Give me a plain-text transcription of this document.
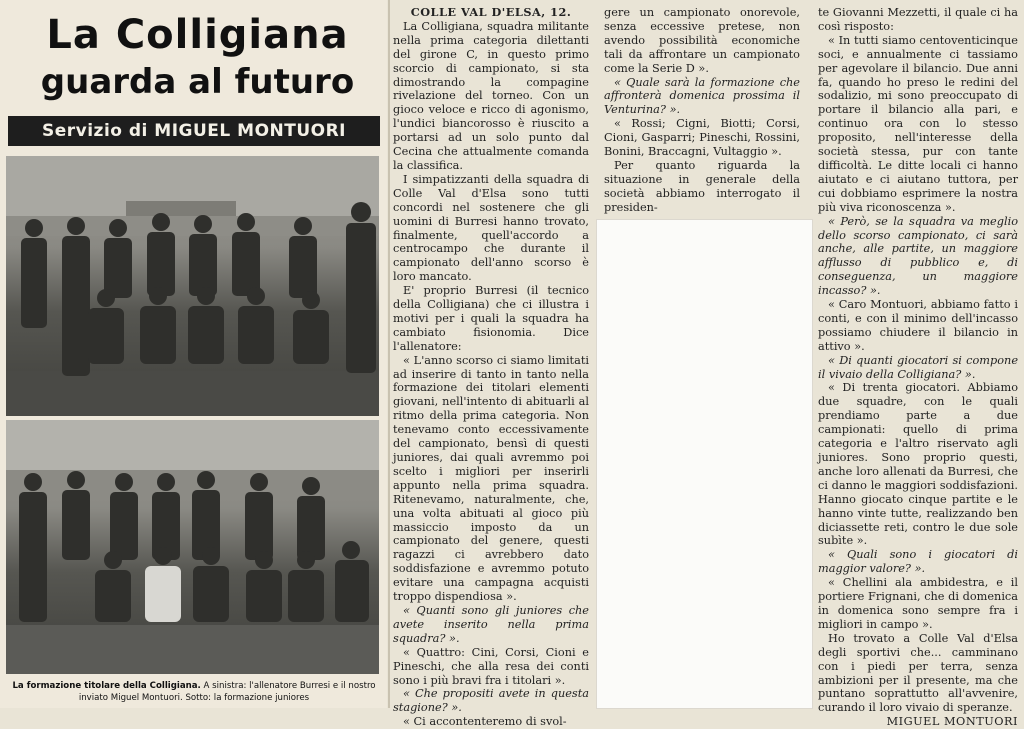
La Colligiana
guarda al futuro
Servizio di MIGUEL MONTUORI
La formazione titolare della Colligiana. A sinistra: l'allenatore Burresi e il nostro inviato Miguel Montuori. Sotto: la formazione juniores

COLLE VAL D'ELSA, 12.

La Colligiana, squadra militante nella prima categoria dilettanti del girone C, in questo primo scorcio di campionato, si sta dimostrando la compagine rivelazione del torneo. Con un gioco veloce e ricco di agonismo, l'undici biancorosso è riuscito a portarsi ad un solo punto dal Cecina che attualmente comanda la classifica.

I simpatizzanti della squadra di Colle Val d'Elsa sono tutti concordi nel sostenere che gli uomini di Burresi hanno trovato, finalmente, quell'accordo a centrocampo che durante il campionato dell'anno scorso è loro mancato.

E' proprio Burresi (il tecnico della Colligiana) che ci illustra i motivi per i quali la squadra ha cambiato fisionomia. Dice l'allenatore:

« L'anno scorso ci siamo limitati ad inserire di tanto in tanto nella formazione dei titolari elementi giovani, nell'intento di abituarli al ritmo della prima categoria. Non tenevamo conto eccessivamente del campionato, bensì di questi juniores, dai quali avremmo poi scelto i migliori per inserirli appunto nella prima squadra. Ritenevamo, naturalmente, che, una volta abituati al gioco più massiccio imposto da un campionato del genere, questi ragazzi ci avrebbero dato soddisfazione e avremmo potuto evitare una campagna acquisti troppo dispendiosa ».

« Quanti sono gli juniores che avete inserito nella prima squadra? ».

« Quattro: Cini, Corsi, Cioni e Pineschi, che alla resa dei conti sono i più bravi fra i titolari ».

« Che propositi avete in questa stagione? ».

« Ci accontenteremo di svol-

gere un campionato onorevole, senza eccessive pretese, non avendo possibilità economiche tali da affrontare un campionato come la Serie D ».

« Quale sarà la formazione che affronterà domenica prossima il Venturina? ».

« Rossi; Cigni, Biotti; Corsi, Cioni, Gasparri; Pineschi, Rossini, Bonini, Braccagni, Vultaggio ».

Per quanto riguarda la situazione in generale della società abbiamo interrogato il presiden-

te Giovanni Mezzetti, il quale ci ha così risposto:

« In tutti siamo centoventicinque soci, e annualmente ci tassiamo per agevolare il bilancio. Due anni fa, quando ho preso le redini del sodalizio, mi sono preoccupato di portare il bilancio alla pari, e continuo ora con lo stesso proposito, nell'interesse della società stessa, pur con tante difficoltà. Le ditte locali ci hanno aiutato e ci aiutano tuttora, per cui dobbiamo esprimere la nostra più viva riconoscenza ».

« Però, se la squadra va meglio dello scorso campionato, ci sarà anche, alle partite, un maggiore afflusso di pubblico e, di conseguenza, un maggiore incasso? ».

« Caro Montuori, abbiamo fatto i conti, e con il minimo dell'incasso possiamo chiudere il bilancio in attivo ».

« Di quanti giocatori si compone il vivaio della Colligiana? ».

« Di trenta giocatori. Abbiamo due squadre, con le quali prendiamo parte a due campionati: quello di prima categoria e l'altro riservato agli juniores. Sono proprio questi, anche loro allenati da Burresi, che ci danno le maggiori soddisfazioni. Hanno giocato cinque partite e le hanno vinte tutte, realizzando ben diciassette reti, contro le due sole subìte ».

« Quali sono i giocatori di maggior valore? ».

« Chellini ala ambidestra, e il portiere Frignani, che di domenica in domenica sono sempre fra i migliori in campo ».

Ho trovato a Colle Val d'Elsa degli sportivi che... camminano con i piedi per terra, senza ambizioni per il presente, ma che puntano soprattutto all'avvenire, curando il loro vivaio di speranze.

MIGUEL MONTUORI
